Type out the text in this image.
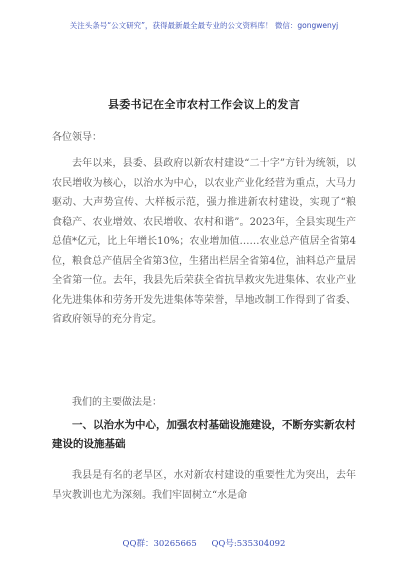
关注头条号“公文研究”，获得最新最全最专业的公文资料库！ 微信：gongwenyj
县委书记在全市农村工作会议上的发言
各位领导：

去年以来，县委、县政府以新农村建设“二十字”方针为统领，以农民增收为核心，以治水为中心，以农业产业化经营为重点，大马力驱动、大声势宣传、大样板示范，强力推进新农村建设，实现了“粮食稳产、农业增效、农民增收、农村和谐”。2023年，全县实现生产总值*亿元，比上年增长10%；农业增加值……农业总产值居全省第4位，粮食总产值居全省第3位，生猪出栏居全省第4位，油料总产量居全省第一位。去年，我县先后荣获全省抗旱救灾先进集体、农业产业化先进集体和劳务开发先进集体等荣誉，旱地改制工作得到了省委、省政府领导的充分肯定。

我们的主要做法是：

一、以治水为中心，加强农村基础设施建设，不断夯实新农村建设的设施基础

我县是有名的老旱区，水对新农村建设的重要性尤为突出，去年旱灾教训也尤为深刻。我们牢固树立“水是命

QQ群：30265665 QQ号:535304092
